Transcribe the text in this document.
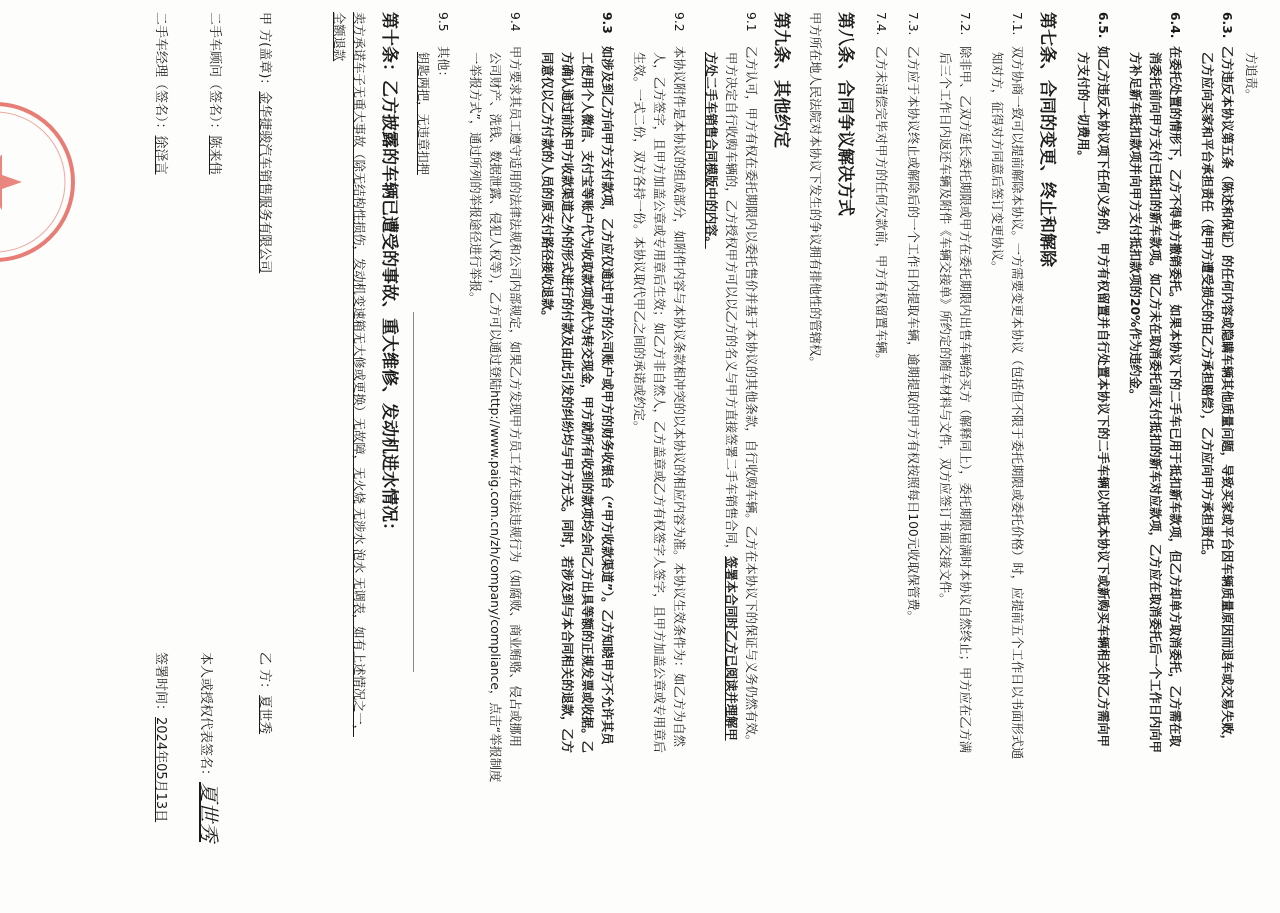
方追责。
6.3.乙方违反本协议第五条（陈述和保证）的任何内容或隐瞒车辆其他质量问题，导致买家或平台因车辆质量原因而退车或交易失败，
乙方应向买家和平台承担责任（使甲方遭受损失的由乙方承担赔偿），乙方应向甲方承担责任。
6.4.在委托处置的情形下，乙方不得单方撤销委托。如果本协议下的二手车已用于抵扣新车款项，但乙方却单方取消委托，乙方需在取
消委托前向甲方支付已抵扣的新车款项。如乙方未在取消委托前支付抵扣的新车对应款项，乙方应在取消委托后一个工作日内向甲
方补足新车抵扣款项并向甲方支付抵扣款项的20%作为违约金。
6.5.如乙方违反本协议项下任何义务的，甲方有权留置并自行处置本协议下的二手车辆以冲抵本协议下或新购买车辆相关的乙方需向甲
方支付的一切费用。
第七条、合同的变更、终止和解除
7.1.双方协商一致可以提前解除本协议。一方需要变更本协议（包括但不限于委托期限或委托价格）时，应提前五个工作日以书面形式通
知对方，征得对方同意后签订变更协议。
7.2.除非甲、乙双方延长委托期限或甲方在委托期限内出售车辆给买方（解释同上），委托期限届满时本协议自然终止；甲方应在乙方满
后三个工作日内返还车辆及附件《车辆交接单》所约定的随车材料与文件，双方应签订书面交接文件。
7.3.乙方应于本协议终止或解除后的一个工作日内提取车辆，逾期提取的甲方有权按照每日100元收取保管费。
7.4.乙方未清偿完毕对甲方的任何欠款前，甲方有权留置车辆。
第八条、合同争议解决方式
甲方所在地人民法院对本协议下发生的争议拥有排他性的管辖权。
第九条、其他约定
9.1乙方认可，甲方有权在委托期限内以委托售价并基于本协议的其他条款，自行收购车辆。乙方在本协议下的保证与义务仍然有效。
甲方决定自行收购车辆的，乙方授权甲方可以以乙方的名义与甲方直接签署二手车销售合同，签署本合同时乙方已阅读并理解甲
方处二手车销售合同模版中的内容。
9.2本协议附件是本协议的组成部分，如附件内容与本协议条款相冲突的以本协议的相应内容为准。本协议生效条件为：如乙方为自然
人，乙方签字，且甲方加盖公章或专用章后生效；如乙方非自然人，乙方盖章或乙方有权签字人签字，且甲方加盖公章或专用章后
生效。一式二份，双方各持一份。本协议取代甲乙之间的承诺或约定。
9.3如涉及到乙方向甲方支付款项，乙方应仅通过甲方的公司账户或甲方的财务收银台（“甲方收款渠道”）。乙方知晓甲方不允许其员
工使用个人微信、支付宝等账户代为收取款项或代为转交现金，甲方就所有收到的款项均会向乙方出具等额的正规发票或收据。乙
方确认通过前述甲方收款渠道之外的形式进行的付款及由此引发的纠纷均与甲方无关。同时，若涉及到与本合同相关的退款，乙方
同意仅以乙方付款的人员的原支付路径接收退款。
9.4甲方要求其员工遵守适用的法律法规和公司内部规定，如果乙方发现甲方员工存在违法违规行为（如腐败、商业贿赂、侵占或挪用
公司财产、洗钱、数据泄露、侵犯人权等），乙方可以通过登陆http://www.paig.com.cn/zh/company/compliance，点击“举报制度
一举报方式”，通过所列的举报途径进行举报。
9.5其他：
钥匙两把，无违章扣押
第十条：乙方披露的车辆已遭受的事故、重大维修、发动机进水情况：
卖方承诺车子无重大事故（除无结构性损伤，发动机变速箱无大修或更换）无故障，无火烧 无涉水 泡水 无调表，如有上述情况之一，
全额退款
甲 方(盖章)：金华捷骏汽车销售服务有限公司
乙 方：夏世秀
二手车顾问（签名）：陈来伟
本人或授权代表签名：夏世秀
二手车经理（签名）：徐泽言
签署时间：2024年05月13日
